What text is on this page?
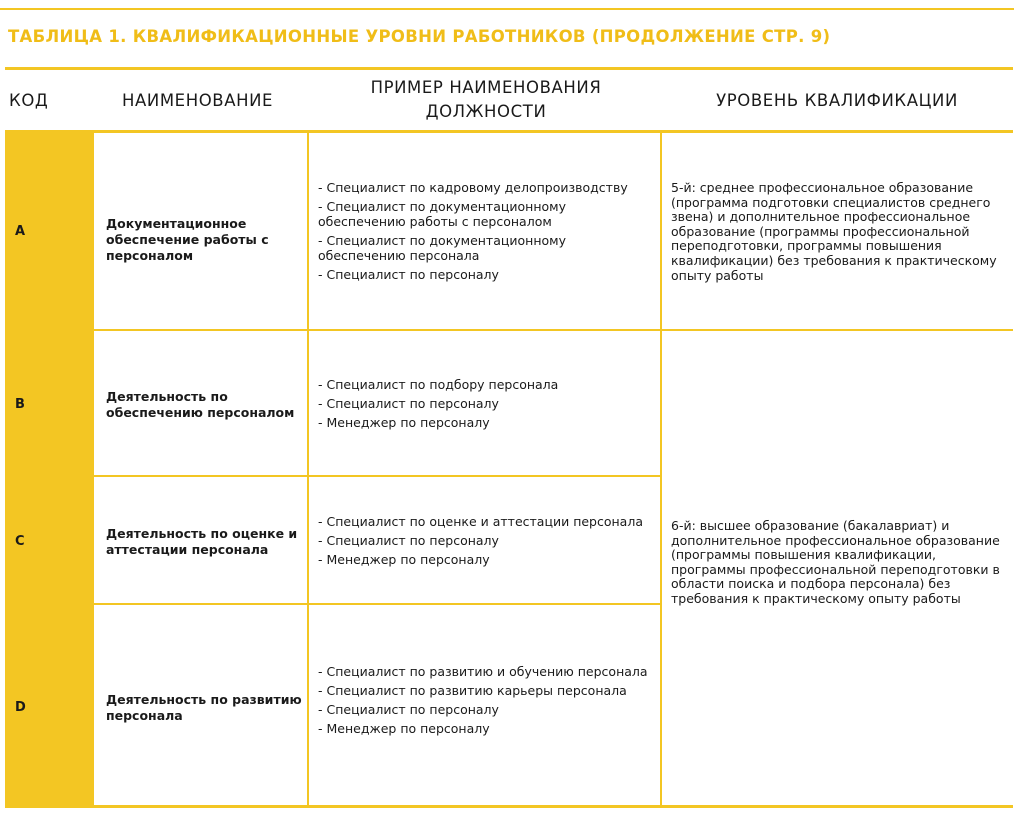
ТАБЛИЦА 1. КВАЛИФИКАЦИОННЫЕ УРОВНИ РАБОТНИКОВ (ПРОДОЛЖЕНИЕ СТР. 9)
КОД	НАИМЕНОВАНИЕ
ПРИМЕР НАИМЕНОВАНИЯ ДОЛЖНОСТИ
УРОВЕНЬ КВАЛИФИКАЦИИ
A
Документационное обеспечение работы с персоналом
- Специалист по кадровому делопроизводству
- Специалист по документационному обеспечению работы с персоналом
- Специалист по документационному обеспечению персонала
- Специалист по персоналу
5-й: среднее профессиональное образование (программа подготовки специалистов среднего звена) и дополнительное профессиональное образование (программы профессиональной переподготовки, программы повышения квалификации) без требования к практическому опыту работы
B
Деятельность по обеспечению персоналом
- Специалист по подбору персонала
- Специалист по персоналу
- Менеджер по персоналу
C
Деятельность по оценке и аттестации персонала
- Специалист по оценке и аттестации персонала
- Специалист по персоналу
- Менеджер по персоналу
6-й: высшее образование (бакалавриат) и дополнительное профессиональное образование (программы повышения квалификации, программы профессиональной переподготовки в области поиска и подбора персонала) без требования к практическому опыту работы
D
Деятельность по развитию персонала
- Специалист по развитию и обучению персонала
- Специалист по развитию карьеры персонала
- Специалист по персоналу
- Менеджер по персоналу
